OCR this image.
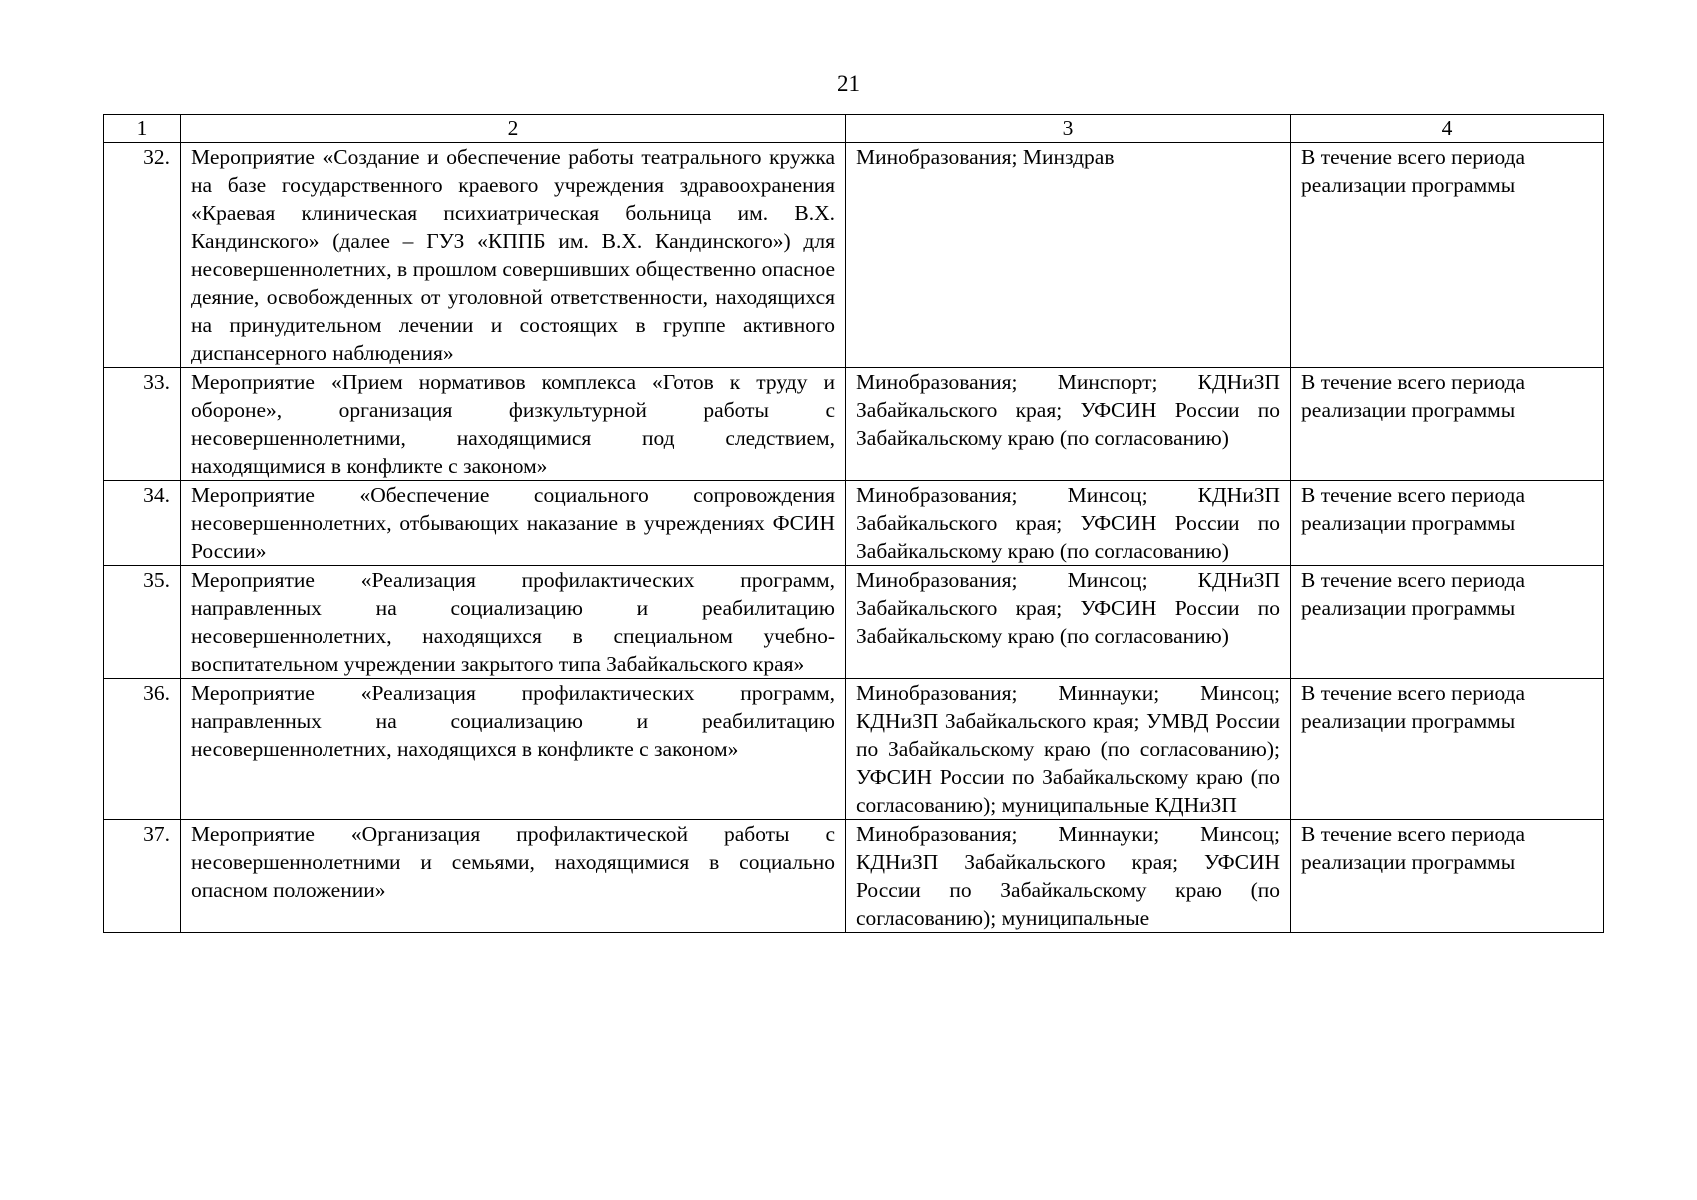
21
1	2	3	4
32.	Мероприятие «Создание и обеспечение работы театрального кружка на базе государственного краевого учреждения здравоохранения «Краевая клиническая психиатрическая больница им. В.Х. Кандинского» (далее – ГУЗ «КППБ им. В.Х. Кандинского») для несовершеннолетних, в прошлом совершивших общественно опасное деяние, освобожденных от уголовной ответственности, находящихся на принудительном лечении и состоящих в группе активного диспансерного наблюдения»	Минобразования; Минздрав	В течение всего периода реализации программы
33.	Мероприятие «Прием нормативов комплекса «Готов к труду и обороне», организация физкультурной работы с несовершеннолетними, находящимися под следствием, находящимися в конфликте с законом»	Минобразования; Минспорт; КДНиЗП Забайкальского края; УФСИН России по Забайкальскому краю (по согласованию)	В течение всего периода реализации программы
34.	Мероприятие «Обеспечение социального сопровождения несовершеннолетних, отбывающих наказание в учреждениях ФСИН России»	Минобразования; Минсоц; КДНиЗП Забайкальского края; УФСИН России по Забайкальскому краю (по согласованию)	В течение всего периода реализации программы
35.	Мероприятие «Реализация профилактических программ, направленных на социализацию и реабилитацию несовершеннолетних, находящихся в специальном учебно-воспитательном учреждении закрытого типа Забайкальского края»	Минобразования; Минсоц; КДНиЗП Забайкальского края; УФСИН России по Забайкальскому краю (по согласованию)	В течение всего периода реализации программы
36.	Мероприятие «Реализация профилактических программ, направленных на социализацию и реабилитацию несовершеннолетних, находящихся в конфликте с законом»	Минобразования; Миннауки; Минсоц; КДНиЗП Забайкальского края; УМВД России по Забайкальскому краю (по согласованию); УФСИН России по Забайкальскому краю (по согласованию); муниципальные КДНиЗП	В течение всего периода реализации программы
37.	Мероприятие «Организация профилактической работы с несовершеннолетними и семьями, находящимися в социально опасном положении»	Минобразования; Миннауки; Минсоц; КДНиЗП Забайкальского края; УФСИН России по Забайкальскому краю (по согласованию); муниципальные	В течение всего периода реализации программы
